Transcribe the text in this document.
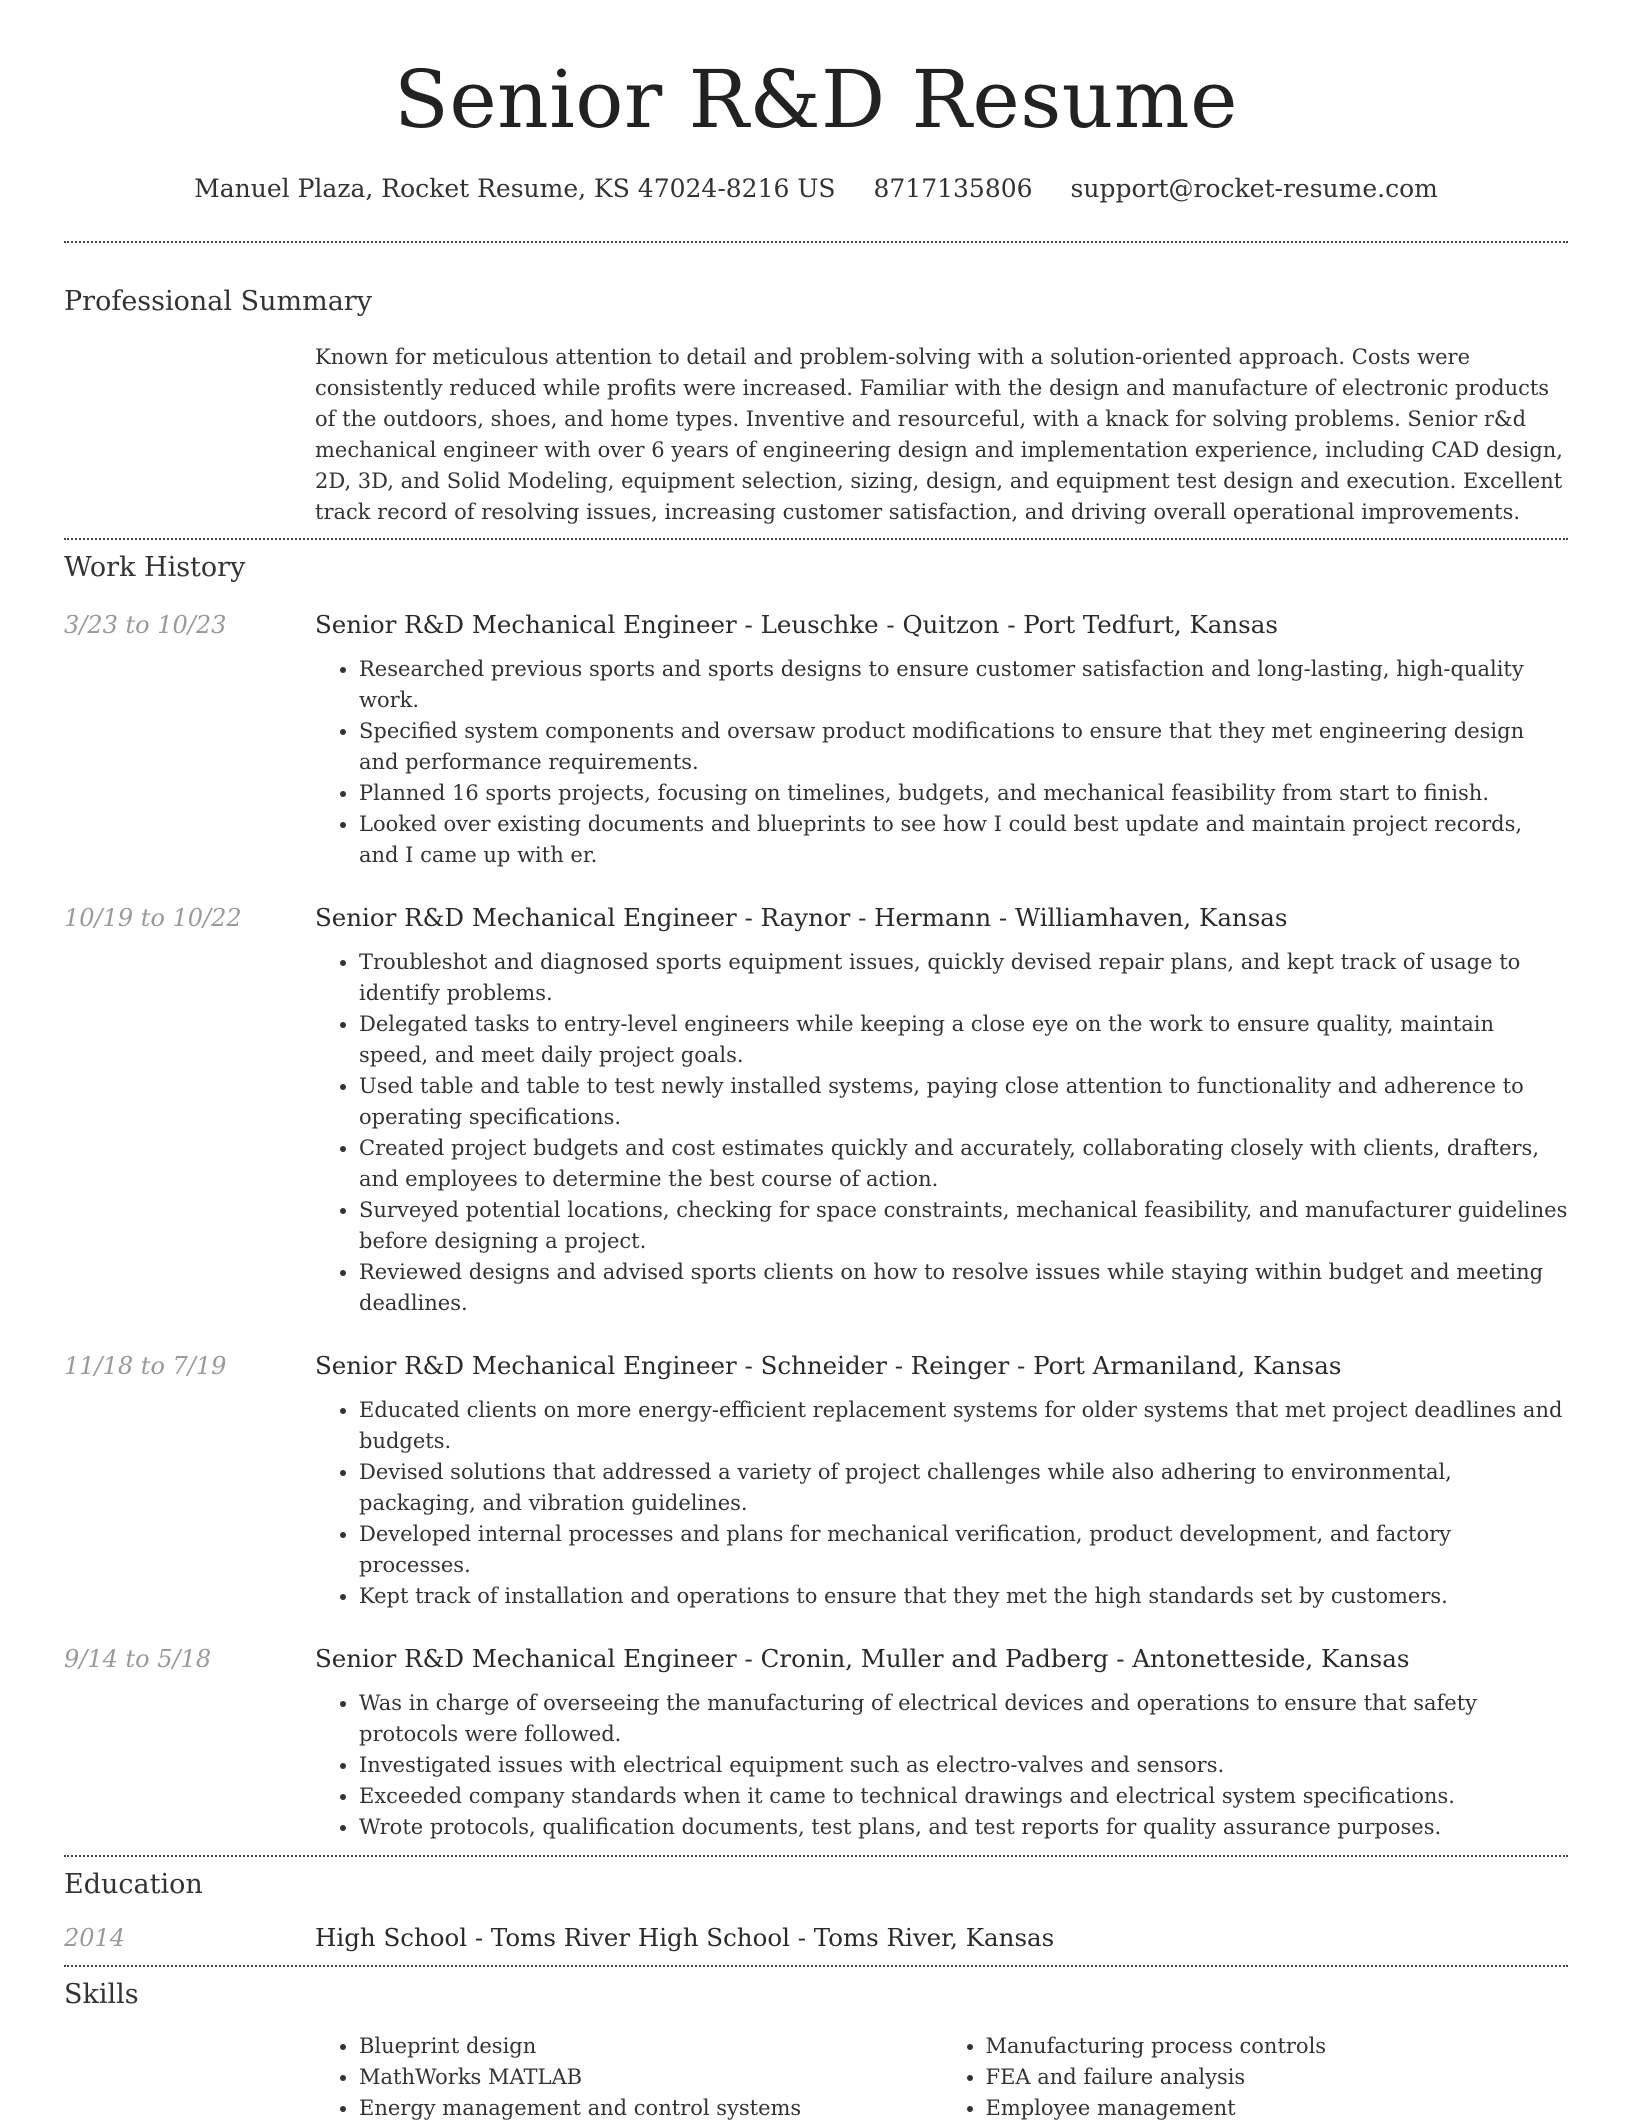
Senior R&D Resume
Manuel Plaza, Rocket Resume, KS 47024-8216 US 8717135806 support@rocket-resume.com
Professional Summary
Known for meticulous attention to detail and problem-solving with a solution-oriented approach. Costs were consistently reduced while profits were increased. Familiar with the design and manufacture of electronic products of the outdoors, shoes, and home types. Inventive and resourceful, with a knack for solving problems. Senior r&d mechanical engineer with over 6 years of engineering design and implementation experience, including CAD design, 2D, 3D, and Solid Modeling, equipment selection, sizing, design, and equipment test design and execution. Excellent track record of resolving issues, increasing customer satisfaction, and driving overall operational improvements.
Work History
3/23 to 10/23	Senior R&D Mechanical Engineer - Leuschke - Quitzon - Port Tedfurt, Kansas
• Researched previous sports and sports designs to ensure customer satisfaction and long-lasting, high-quality work.
• Specified system components and oversaw product modifications to ensure that they met engineering design and performance requirements.
• Planned 16 sports projects, focusing on timelines, budgets, and mechanical feasibility from start to finish.
• Looked over existing documents and blueprints to see how I could best update and maintain project records, and I came up with er.
10/19 to 10/22	Senior R&D Mechanical Engineer - Raynor - Hermann - Williamhaven, Kansas
• Troubleshot and diagnosed sports equipment issues, quickly devised repair plans, and kept track of usage to identify problems.
• Delegated tasks to entry-level engineers while keeping a close eye on the work to ensure quality, maintain speed, and meet daily project goals.
• Used table and table to test newly installed systems, paying close attention to functionality and adherence to operating specifications.
• Created project budgets and cost estimates quickly and accurately, collaborating closely with clients, drafters, and employees to determine the best course of action.
• Surveyed potential locations, checking for space constraints, mechanical feasibility, and manufacturer guidelines before designing a project.
• Reviewed designs and advised sports clients on how to resolve issues while staying within budget and meeting deadlines.
11/18 to 7/19	Senior R&D Mechanical Engineer - Schneider - Reinger - Port Armaniland, Kansas
• Educated clients on more energy-efficient replacement systems for older systems that met project deadlines and budgets.
• Devised solutions that addressed a variety of project challenges while also adhering to environmental, packaging, and vibration guidelines.
• Developed internal processes and plans for mechanical verification, product development, and factory processes.
• Kept track of installation and operations to ensure that they met the high standards set by customers.
9/14 to 5/18	Senior R&D Mechanical Engineer - Cronin, Muller and Padberg - Antonetteside, Kansas
• Was in charge of overseeing the manufacturing of electrical devices and operations to ensure that safety protocols were followed.
• Investigated issues with electrical equipment such as electro-valves and sensors.
• Exceeded company standards when it came to technical drawings and electrical system specifications.
• Wrote protocols, qualification documents, test plans, and test reports for quality assurance purposes.
Education
2014	High School - Toms River High School - Toms River, Kansas
Skills
• Blueprint design
• MathWorks MATLAB
• Energy management and control systems
• Manufacturing process controls
• FEA and failure analysis
• Employee management
